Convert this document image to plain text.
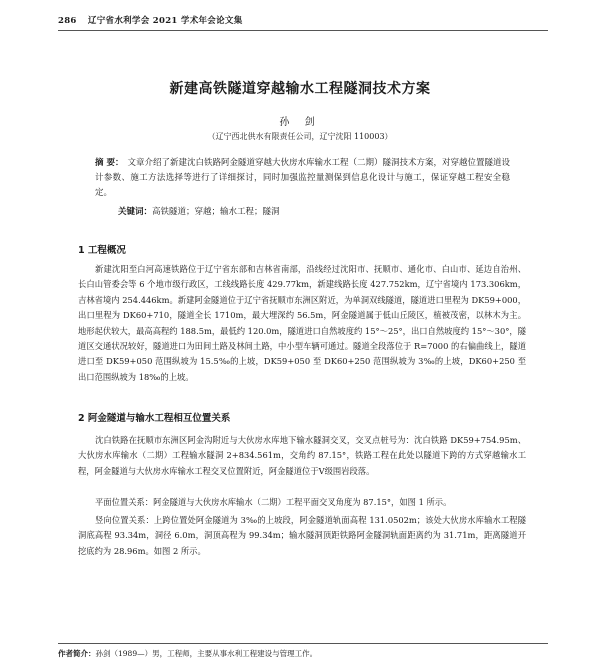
286 辽宁省水利学会 2021 学术年会论文集
新建高铁隧道穿越输水工程隧洞技术方案
孙 剑
（辽宁西北供水有限责任公司，辽宁沈阳 110003）
摘 要： 文章介绍了新建沈白铁路阿金隧道穿越大伙房水库输水工程（二期）隧洞技术方案，对穿越位置隧道设计参数、施工方法选择等进行了详细探讨，同时加强监控量测保到信息化设计与施工，保证穿越工程安全稳定。
关键词：高铁隧道；穿越；输水工程；隧洞
1 工程概况
新建沈阳至白河高速铁路位于辽宁省东部和吉林省南部，沿线经过沈阳市、抚顺市、通化市、白山市、延边自治州、长白山管委会等 6 个地市级行政区，工线线路长度 429.77km，新建线路长度 427.752km，辽宁省境内 173.306km，吉林省境内 254.446km。新建阿金隧道位于辽宁省抚顺市东洲区附近，为单洞双线隧道，隧道进口里程为 DK59+000，出口里程为 DK60+710，隧道全长 1710m，最大埋深约 56.5m，阿金隧道属于低山丘陵区，植被茂密，以林木为主。地形起伏较大，最高高程约 188.5m，最低约 120.0m，隧道进口自然坡度约 15°～25°，出口自然坡度约 15°～30°，隧道区交通状况较好，隧道进口为田间土路及林间土路，中小型车辆可通过。隧道全段落位于 R=7000 的右偏曲线上，隧道进口至 DK59+050 范围纵坡为 15.5‰的上坡，DK59+050 至 DK60+250 范围纵坡为 3‰的上坡，DK60+250 至出口范围纵坡为 18‰的上坡。
2 阿金隧道与输水工程相互位置关系
沈白铁路在抚顺市东洲区阿金沟附近与大伙房水库地下输水隧洞交叉，交叉点桩号为：沈白铁路 DK59+754.95m、大伙房水库输水（二期）工程输水隧洞 2+834.561m，交角约 87.15°，铁路工程在此处以隧道下跨的方式穿越输水工程，阿金隧道与大伙房水库输水工程交叉位置附近，阿金隧道位于Ⅴ级围岩段落。
平面位置关系：阿金隧道与大伙房水库输水（二期）工程平面交叉角度为 87.15°，如图 1 所示。
竖向位置关系：上跨位置处阿金隧道为 3‰的上坡段，阿金隧道轨面高程 131.0502m；该处大伙房水库输水工程隧洞底高程 93.34m，洞径 6.0m，洞顶高程为 99.34m；输水隧洞顶距铁路阿金隧洞轨面距离约为 31.71m，距离隧道开挖底约为 28.96m。如图 2 所示。
作者简介：孙剑（1989—）男，工程师，主要从事水利工程建设与管理工作。
